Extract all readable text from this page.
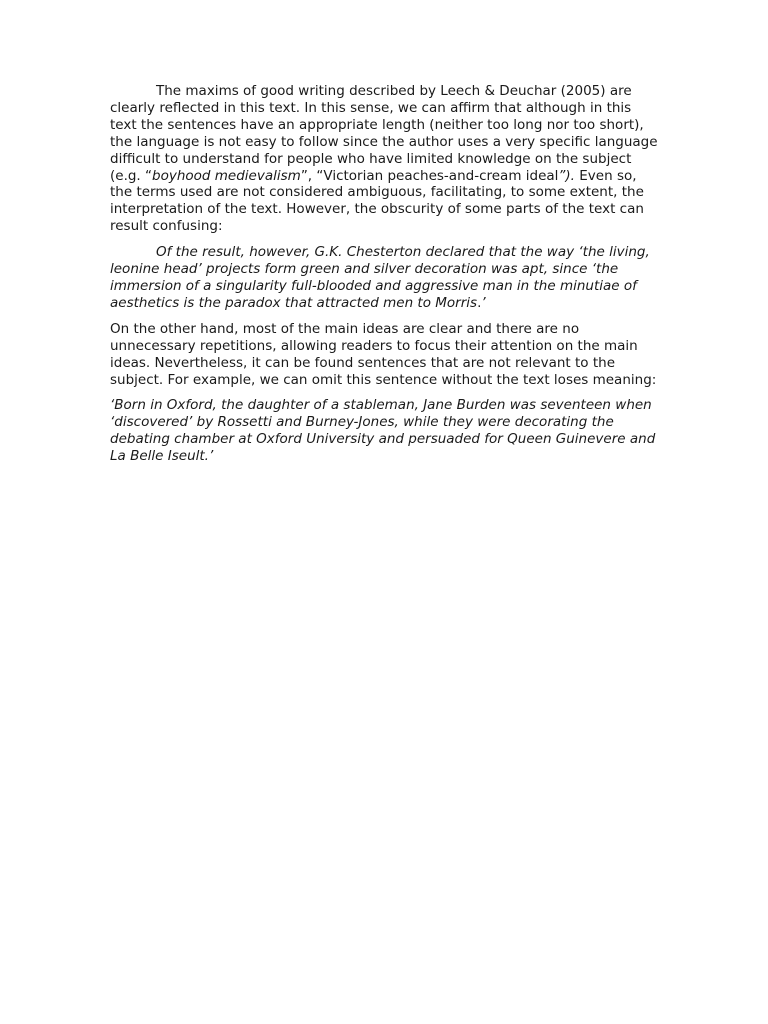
The maxims of good writing described by Leech & Deuchar (2005) are clearly reflected in this text. In this sense, we can affirm that although in this text the sentences have an appropriate length (neither too long nor too short), the language is not easy to follow since the author uses a very specific language difficult to understand for people who have limited knowledge on the subject (e.g. “boyhood medievalism”, “Victorian peaches-and-cream ideal”). Even so, the terms used are not considered ambiguous, facilitating, to some extent, the interpretation of the text. However, the obscurity of some parts of the text can result confusing:

Of the result, however, G.K. Chesterton declared that the way ‘the living, leonine head’ projects form green and silver decoration was apt, since ‘the immersion of a singularity full-blooded and aggressive man in the minutiae of aesthetics is the paradox that attracted men to Morris.’

On the other hand, most of the main ideas are clear and there are no unnecessary repetitions, allowing readers to focus their attention on the main ideas. Nevertheless, it can be found sentences that are not relevant to the subject. For example, we can omit this sentence without the text loses meaning:

‘Born in Oxford, the daughter of a stableman, Jane Burden was seventeen when ‘discovered’ by Rossetti and Burney-Jones, while they were decorating the debating chamber at Oxford University and persuaded for Queen Guinevere and La Belle Iseult.’
